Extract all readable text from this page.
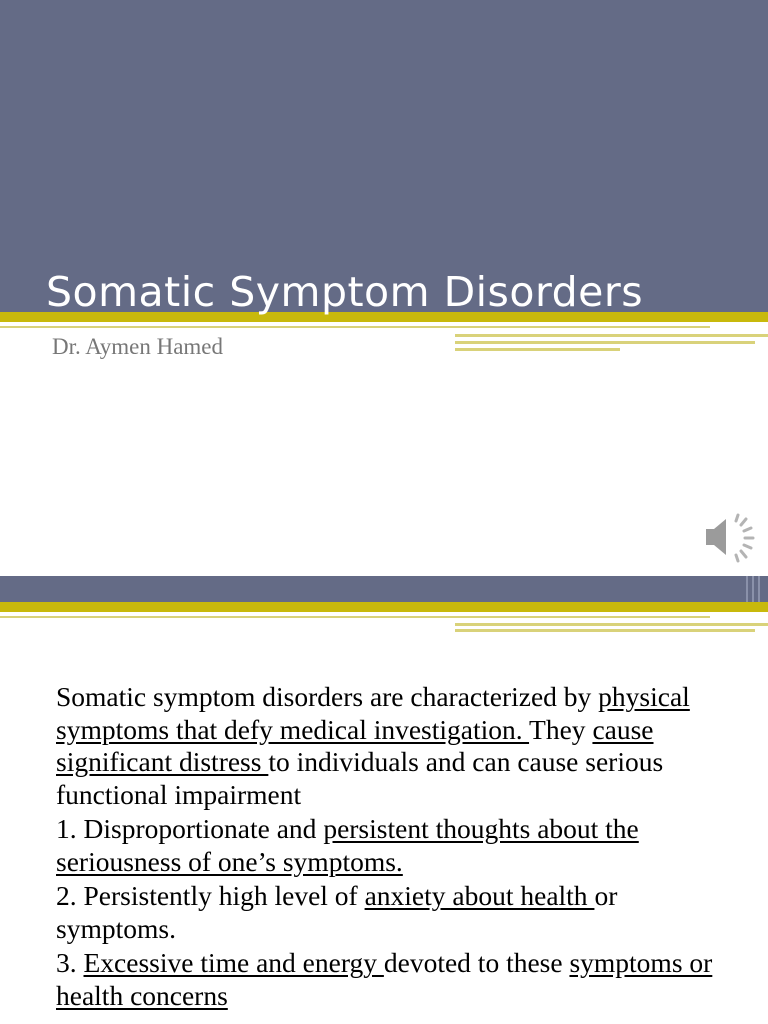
Somatic Symptom Disorders
Dr. Aymen Hamed

Somatic symptom disorders are characterized by physical symptoms that defy medical investigation. They cause significant distress to individuals and can cause serious functional impairment

1. Disproportionate and persistent thoughts about the seriousness of one’s symptoms.

2. Persistently high level of anxiety about health or symptoms.

3. Excessive time and energy devoted to these symptoms or health concerns
